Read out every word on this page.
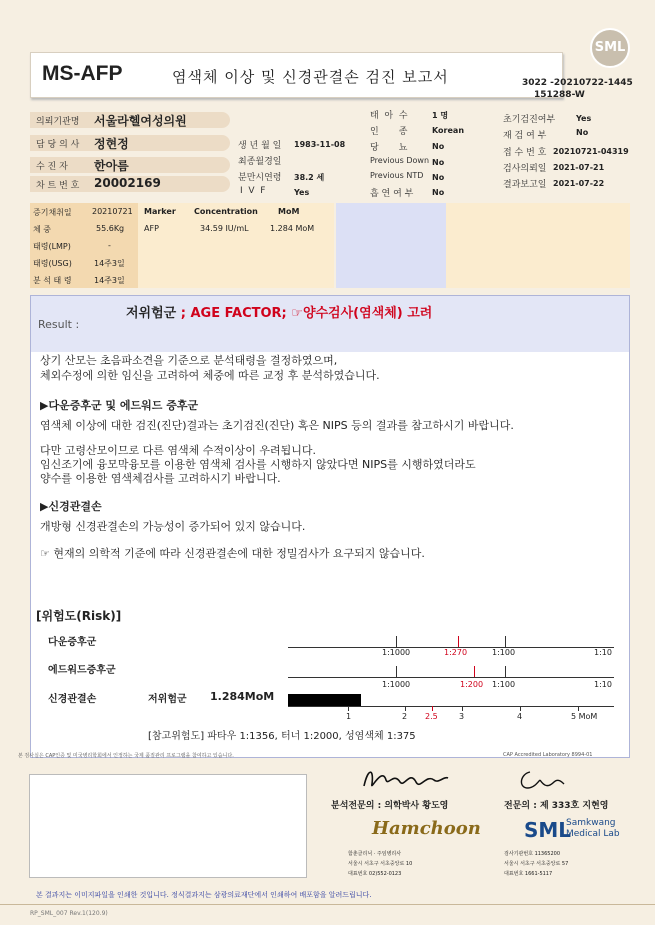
SML
MS-AFP	염색체 이상 및 신경관결손 검진 보고서	3022 -20210722-1445
151288-W
의뢰기관명 서울라헬여성의원
담 당 의 사 정현정
수 진 자 한아름
차 트 번 호 20002169
생 년 월 일 1983-11-08
최종월경일
분만시연령 38.2 세
I  V  F	Yes
태  아  수	1 명
인       종	Korean
당       뇨	No
Previous Down No
Previous NTD No
흡 연 여 부 No
초기검진여부	Yes
재 검 여 부	No
접 수 번 호 20210721-04319
검사의뢰일 2021-07-21
결과보고일 2021-07-22
증기채취일	20210721
체 중	55.6Kg
태령(LMP)	-
태령(USG)	14주3일
분 석 태 령	14주3일
Marker Concentration	MoM
AFP	34.59 IU/mL	1.284 MoM
Result :
저위험군 ; AGE FACTOR; ☞양수검사(염색체) 고려
상기 산모는 초음파소견을 기준으로 분석태령을 결정하였으며,
체외수정에 의한 임신을 고려하여 체중에 따른 교정 후 분석하였습니다.
▶다운증후군 및 에드워드 증후군
염색체 이상에 대한 검진(진단)결과는 초기검진(진단) 혹은 NIPS 등의 결과를 참고하시기 바랍니다.
다만 고령산모이므로 다른 염색체 수적이상이 우려됩니다.
임신조기에 융모막융모를 이용한 염색체 검사를 시행하지 않았다면 NIPS를 시행하였더라도
양수를 이용한 염색체검사를 고려하시기 바랍니다.
▶신경관결손
개방형 신경관결손의 가능성이 증가되어 있지 않습니다.
☞ 현재의 의학적 기준에 따라 신경관결손에 대한 정밀검사가 요구되지 않습니다.
[위험도(Risk)]
다운증후군
에드워드증후군
신경관결손	저위험군 1.284MoM
1:1000	1:270	1:100	1:10
1:1000	1:200 1:100	1:10
1	2 2.5	3	4	5 MoM
[참고위험도] 파타우 1:1356, 터너 1:2000, 성염색체 1:375
본 검사실은 CAP인증 및 미국병리학회에서 인정하는 국제 품질관리 프로그램을 참여하고 있습니다.	CAP Accredited Laboratory 8994-01
분석전문의 : 의학박사 황도영	전문의 : 제 333호 지현영
Hamchoon
함춘클리닉 · 주임병리사
서울시 서초구 서초중앙로 10
대표번호 02)552-0123
SML
Samkwang
Medical Lab
검사기관번호 11365200
서울시 서초구 서초중앙로 57
대표번호 1661-5117
본 결과지는 이미지파일을 인쇄한 것입니다. 정식결과지는 삼광의료재단에서 인쇄하여 배포함을 알려드립니다.
RP_SML_007 Rev.1(120.9)
